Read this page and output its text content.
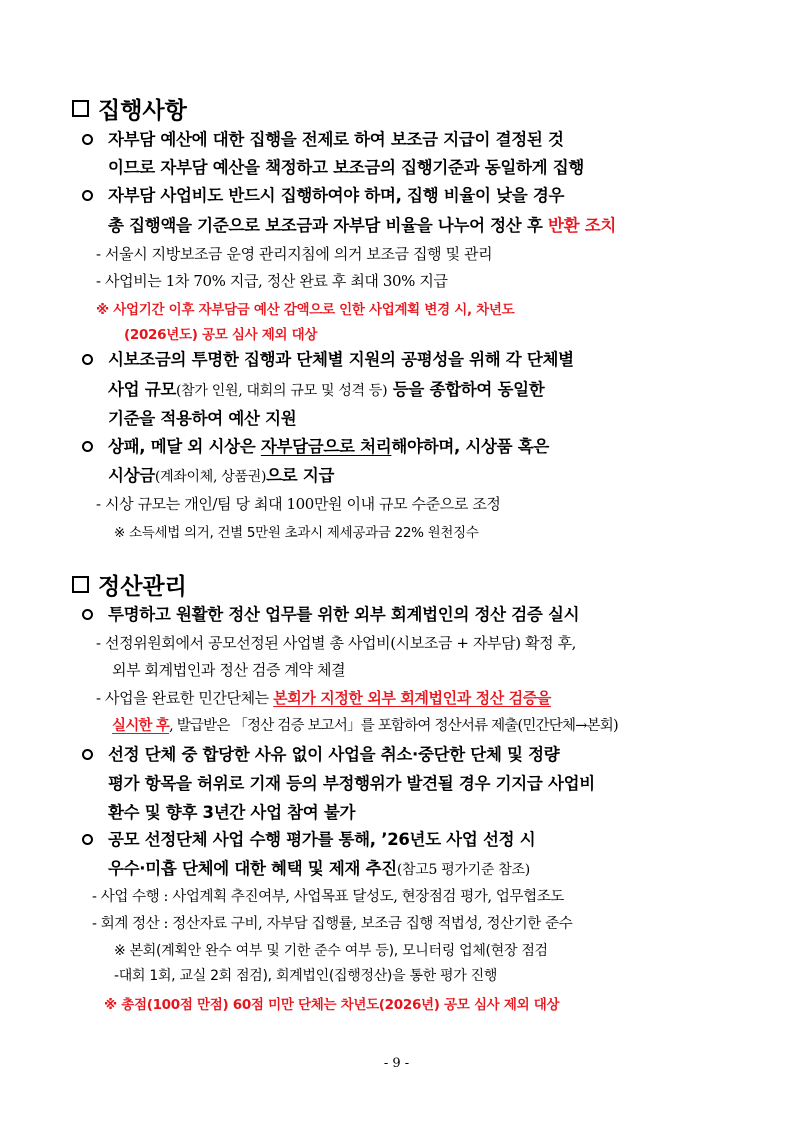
집행사항
자부담 예산에 대한 집행을 전제로 하여 보조금 지급이 결정된 것
이므로 자부담 예산을 책정하고 보조금의 집행기준과 동일하게 집행
자부담 사업비도 반드시 집행하여야 하며, 집행 비율이 낮을 경우
총 집행액을 기준으로 보조금과 자부담 비율을 나누어 정산 후 반환 조치
- 서울시 지방보조금 운영 관리지침에 의거 보조금 집행 및 관리
- 사업비는 1차 70% 지급, 정산 완료 후 최대 30% 지급
※ 사업기간 이후 자부담금 예산 감액으로 인한 사업계획 변경 시, 차년도
(2026년도) 공모 심사 제외 대상
시보조금의 투명한 집행과 단체별 지원의 공평성을 위해 각 단체별
사업 규모(참가 인원, 대회의 규모 및 성격 등) 등을 종합하여 동일한
기준을 적용하여 예산 지원
상패, 메달 외 시상은 자부담금으로 처리해야하며, 시상품 혹은
시상금(계좌이체, 상품권)으로 지급
- 시상 규모는 개인/팀 당 최대 100만원 이내 규모 수준으로 조정
※ 소득세법 의거, 건별 5만원 초과시 제세공과금 22% 원천징수
정산관리
투명하고 원활한 정산 업무를 위한 외부 회계법인의 정산 검증 실시
- 선정위원회에서 공모선정된 사업별 총 사업비(시보조금 + 자부담) 확정 후,
외부 회계법인과 정산 검증 계약 체결
- 사업을 완료한 민간단체는 본회가 지정한 외부 회계법인과 정산 검증을
실시한 후, 발급받은 「정산 검증 보고서」를 포함하여 정산서류 제출(민간단체→본회)
선정 단체 중 합당한 사유 없이 사업을 취소·중단한 단체 및 정량
평가 항목을 허위로 기재 등의 부정행위가 발견될 경우 기지급 사업비
환수 및 향후 3년간 사업 참여 불가
공모 선정단체 사업 수행 평가를 통해, ’26년도 사업 선정 시
우수·미흡 단체에 대한 혜택 및 제재 추진(참고5 평가기준 참조)
- 사업 수행 : 사업계획 추진여부, 사업목표 달성도, 현장점검 평가, 업무협조도
- 회계 정산 : 정산자료 구비, 자부담 집행률, 보조금 집행 적법성, 정산기한 준수
※ 본회(계획안 완수 여부 및 기한 준수 여부 등), 모니터링 업체(현장 점검
-대회 1회, 교실 2회 점검), 회계법인(집행정산)을 통한 평가 진행
※ 총점(100점 만점) 60점 미만 단체는 차년도(2026년) 공모 심사 제외 대상
- 9 -
